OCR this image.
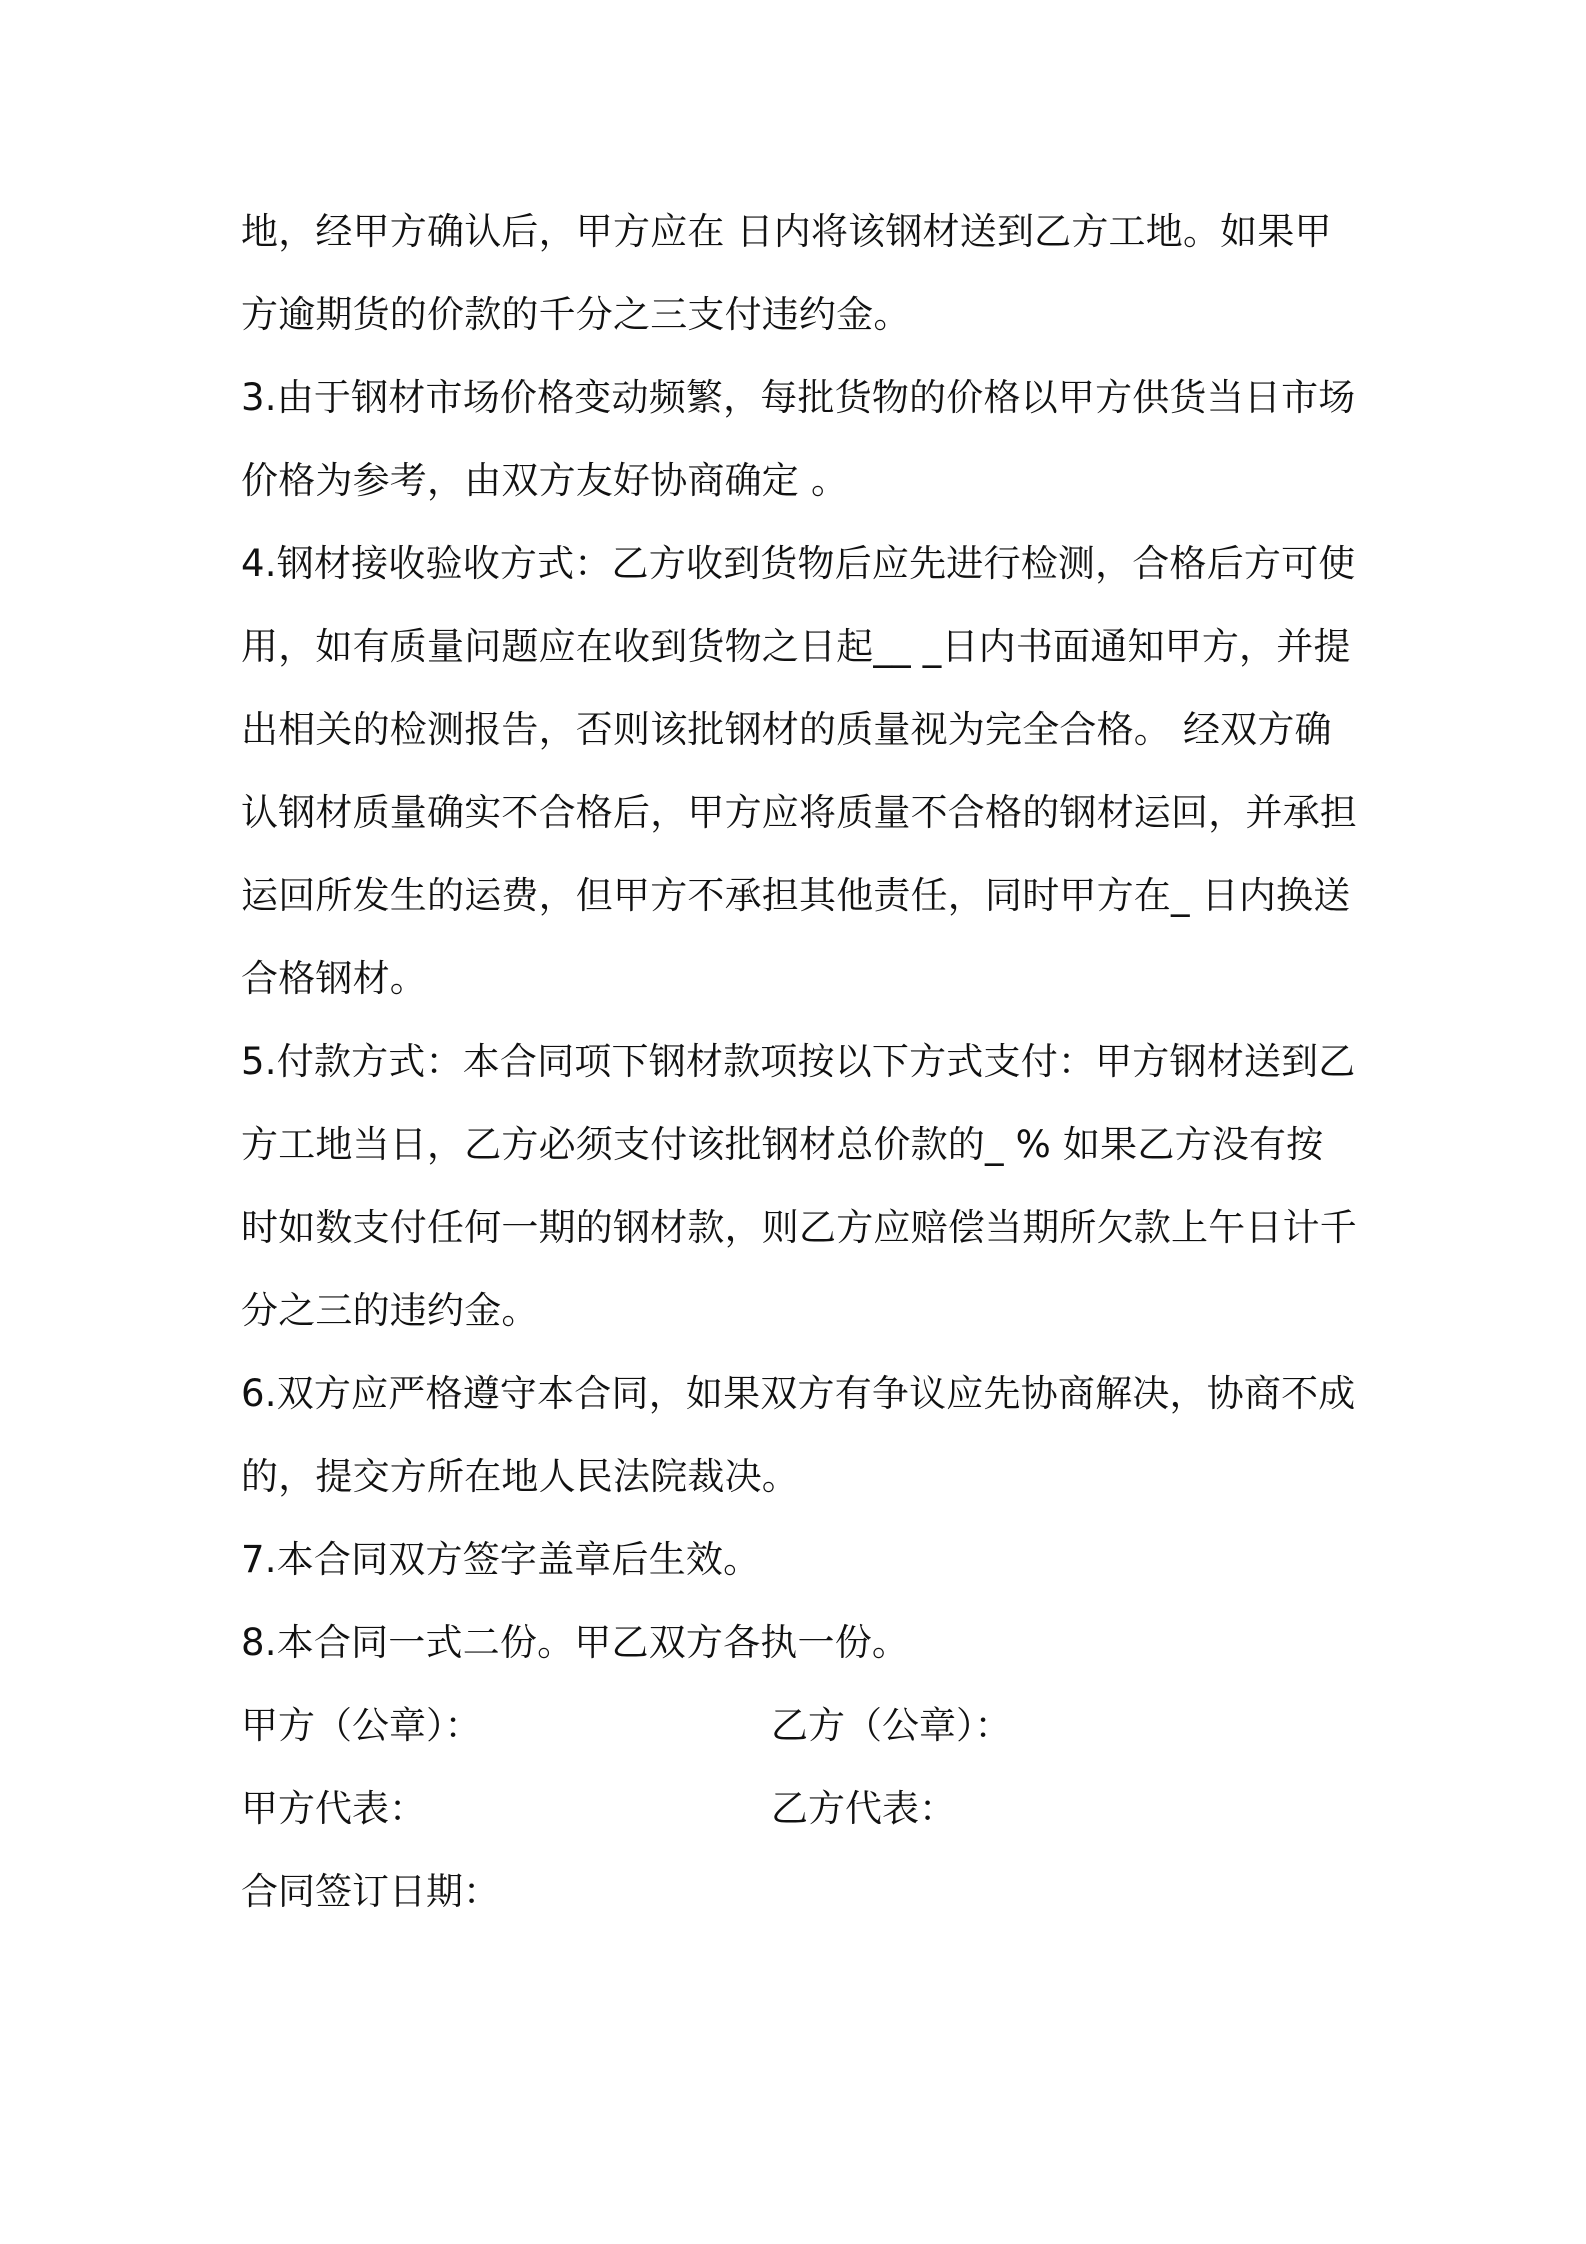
地，经甲方确认后，甲方应在 日内将该钢材送到乙方工地。如果甲
方逾期货的价款的千分之三支付违约金。
3.由于钢材市场价格变动频繁，每批货物的价格以甲方供货当日市场
价格为参考，由双方友好协商确定 。
4.钢材接收验收方式：乙方收到货物后应先进行检测，合格后方可使
用，如有质量问题应在收到货物之日起__ _日内书面通知甲方，并提
出相关的检测报告，否则该批钢材的质量视为完全合格。 经双方确
认钢材质量确实不合格后，甲方应将质量不合格的钢材运回，并承担
运回所发生的运费，但甲方不承担其他责任，同时甲方在_ 日内换送
合格钢材。
5.付款方式：本合同项下钢材款项按以下方式支付：甲方钢材送到乙
方工地当日，乙方必须支付该批钢材总价款的_ % 如果乙方没有按
时如数支付任何一期的钢材款，则乙方应赔偿当期所欠款上午日计千
分之三的违约金。
6.双方应严格遵守本合同，如果双方有争议应先协商解决，协商不成
的，提交方所在地人民法院裁决。
7.本合同双方签字盖章后生效。
8.本合同一式二份。甲乙双方各执一份。
甲方（公章）：	乙方（公章）：
甲方代表：	乙方代表：
合同签订日期：
